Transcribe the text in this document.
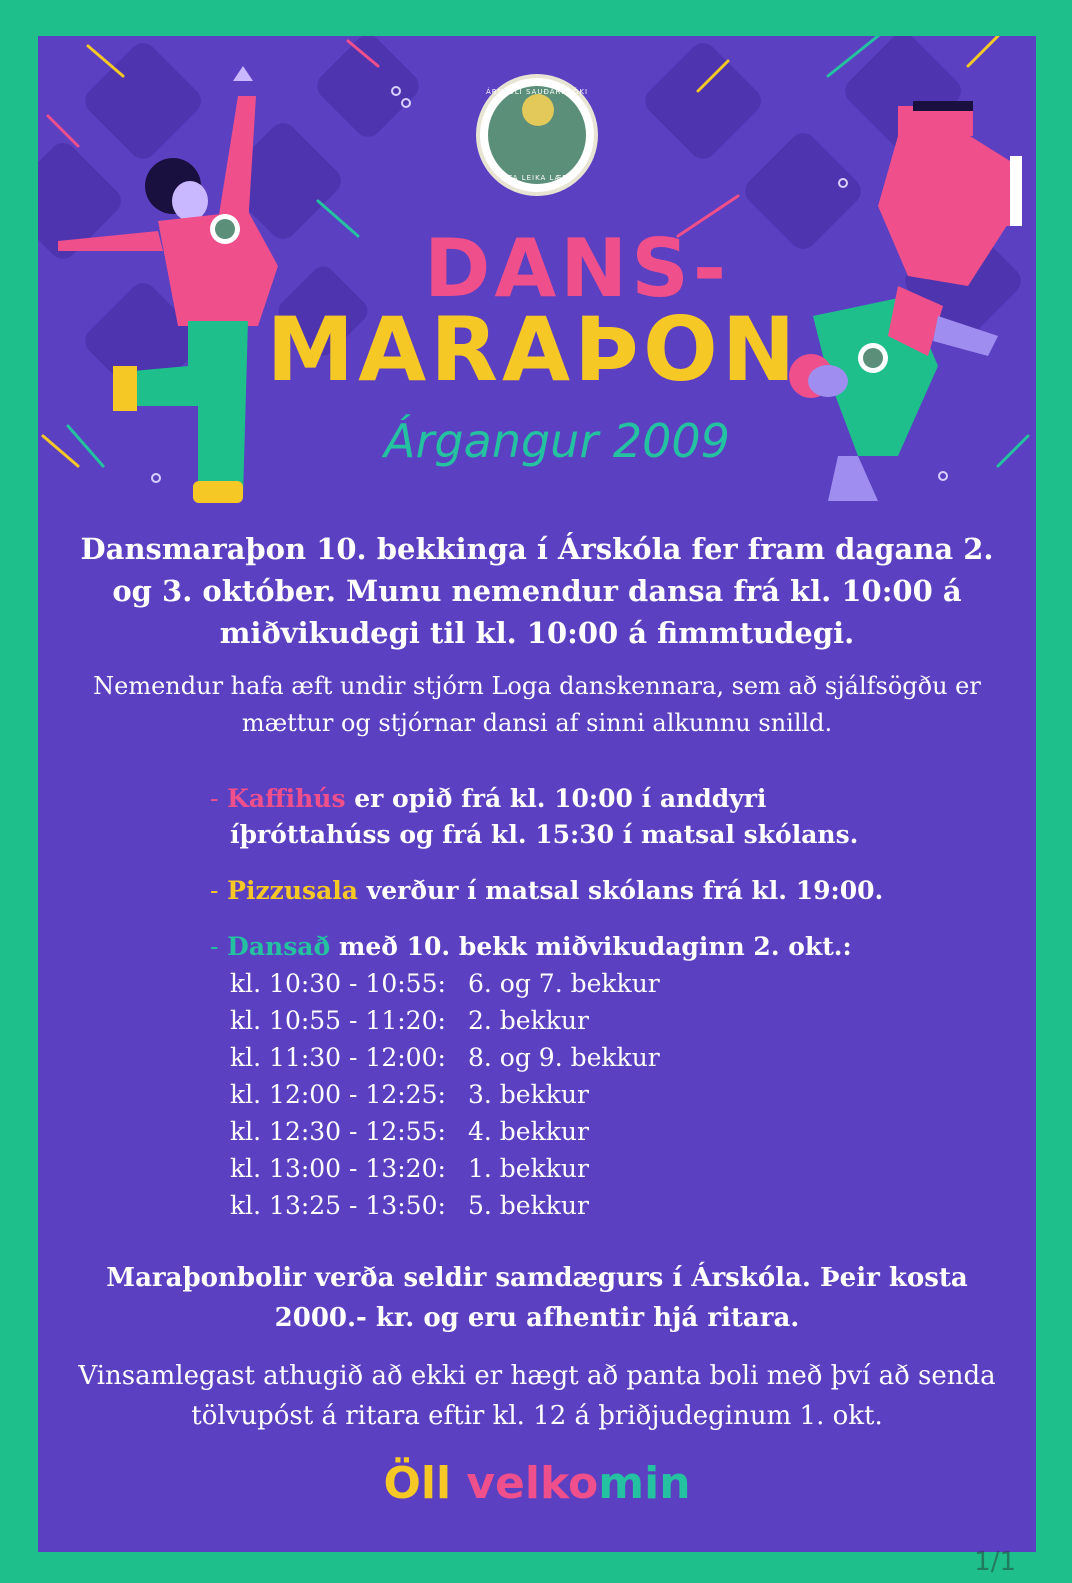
ÁRSKÓLI SAUÐÁRKRÓKI
LIFA LEIKA LÆRA
DANS-
MARAÞON
Árgangur 2009
Dansmaraþon 10. bekkinga í Árskóla fer fram dagana 2. og 3. október. Munu nemendur dansa frá kl. 10:00 á miðvikudegi til kl. 10:00 á fimmtudegi.
Nemendur hafa æft undir stjórn Loga danskennara, sem að sjálfsögðu er mættur og stjórnar dansi af sinni alkunnu snilld.
- Kaffihús er opið frá kl. 10:00 í anddyri
íþróttahúss og frá kl. 15:30 í matsal skólans.
- Pizzusala verður í matsal skólans frá kl. 19:00.
- Dansað með 10. bekk miðvikudaginn 2. okt.:
kl. 10:30 - 10:55: 6. og 7. bekkur
kl. 10:55 - 11:20: 2. bekkur
kl. 11:30 - 12:00: 8. og 9. bekkur
kl. 12:00 - 12:25: 3. bekkur
kl. 12:30 - 12:55: 4. bekkur
kl. 13:00 - 13:20: 1. bekkur
kl. 13:25 - 13:50: 5. bekkur
Maraþonbolir verða seldir samdægurs í Árskóla. Þeir kosta 2000.- kr. og eru afhentir hjá ritara.
Vinsamlegast athugið að ekki er hægt að panta boli með því að senda tölvupóst á ritara eftir kl. 12 á þriðjudeginum 1. okt.
Öll velkomin
1/1
